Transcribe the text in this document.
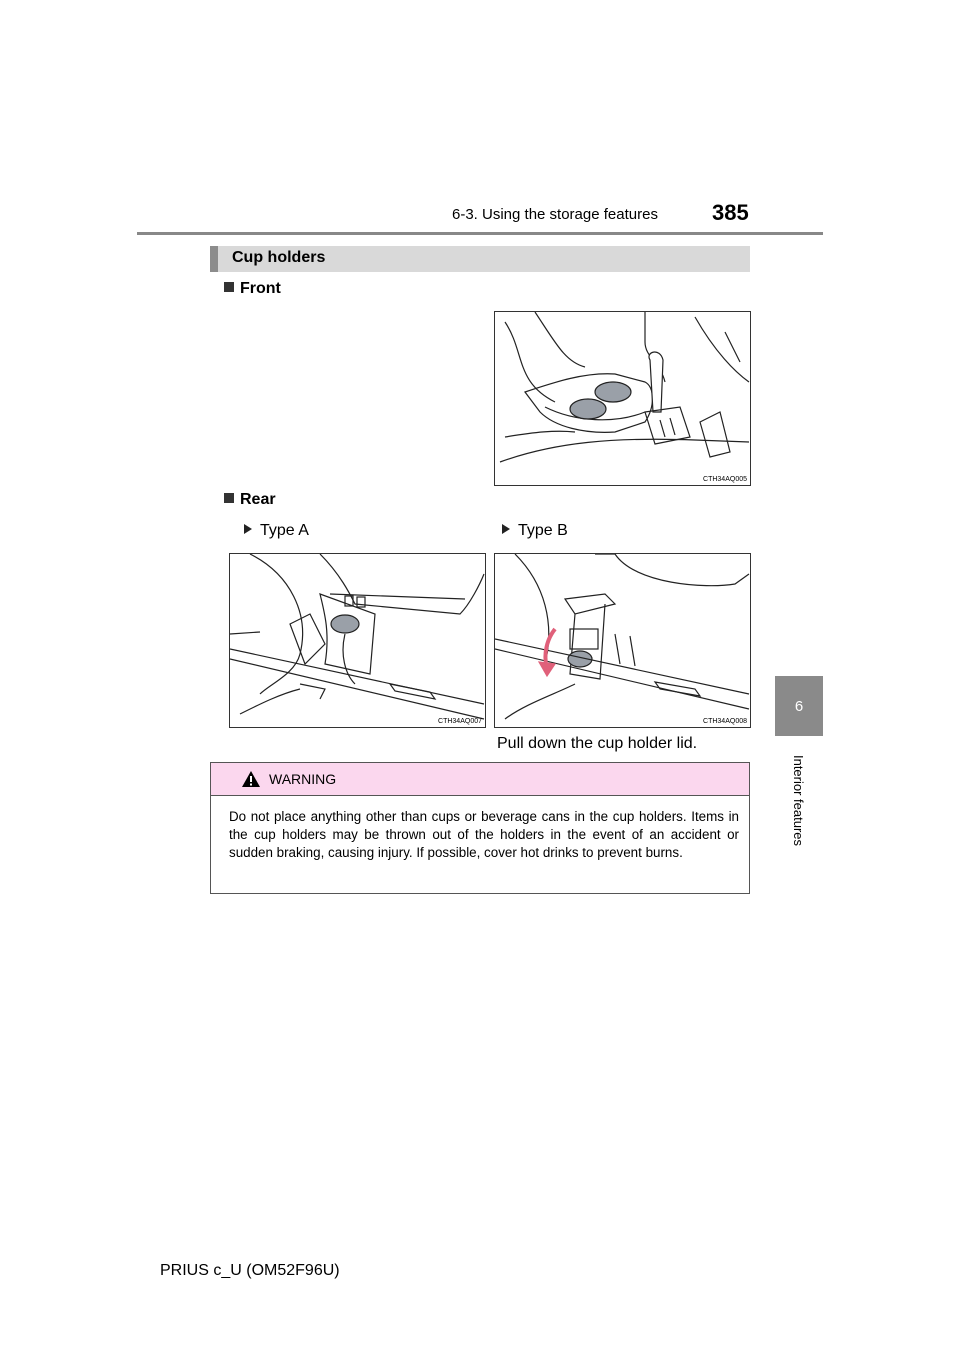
6-3. Using the storage features 385
6
Interior features
Cup holders
Front
CTH34AQ005
Rear
Type A	Type B
CTH34AQ007	CTH34AQ008
Pull down the cup holder lid.
WARNING
Do not place anything other than cups or beverage cans in the cup holders. Items in the cup holders may be thrown out of the holders in the event of an accident or sudden braking, causing injury. If possible, cover hot drinks to prevent burns.
PRIUS c_U (OM52F96U)
